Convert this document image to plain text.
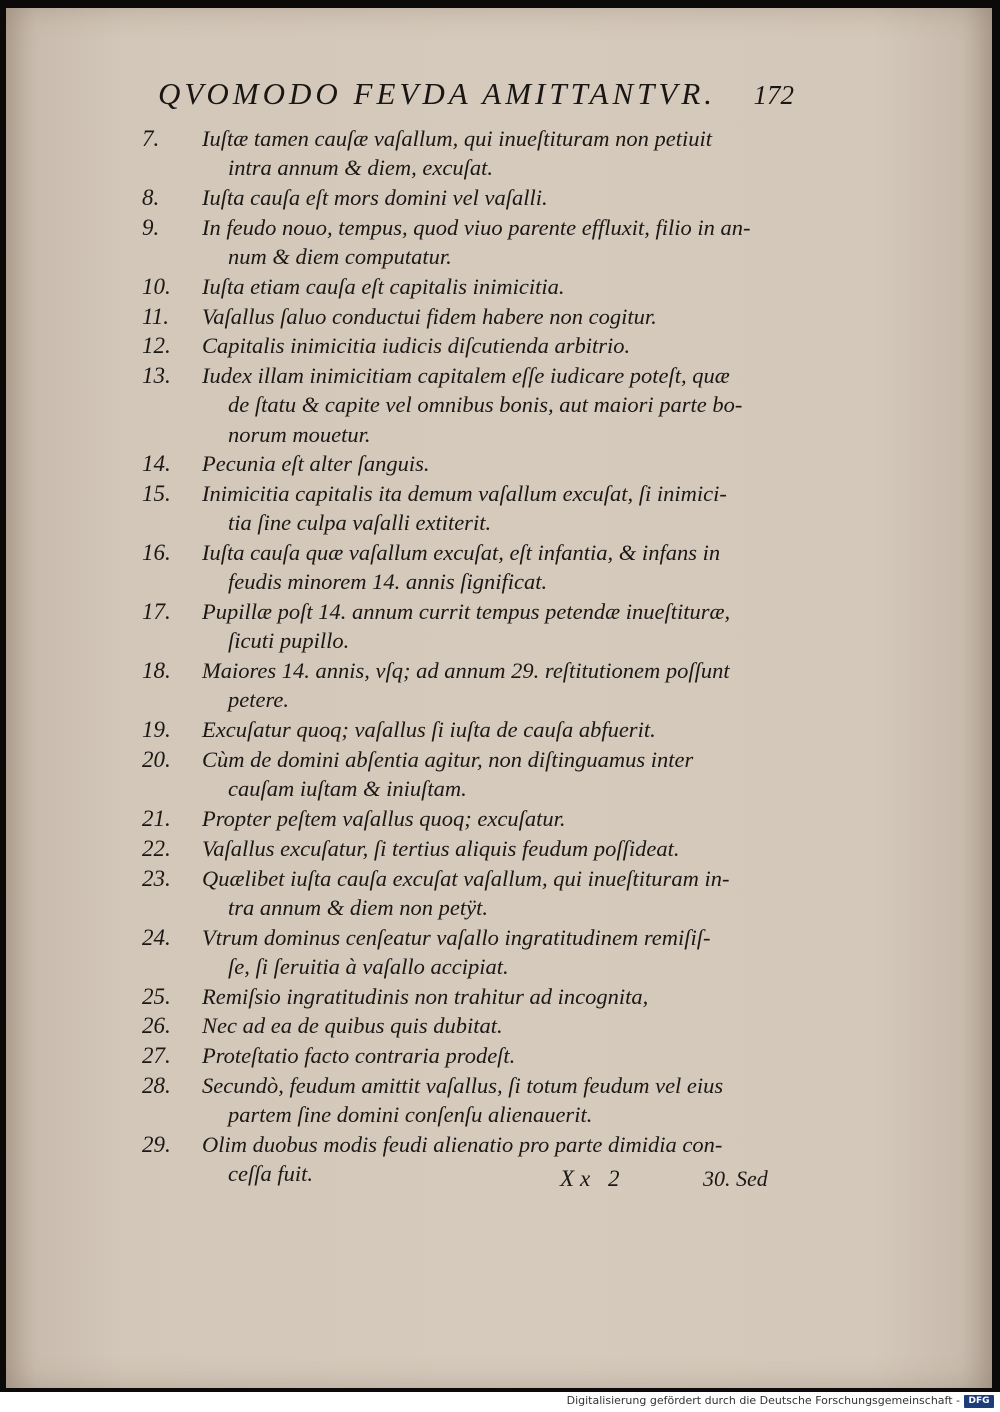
QVOMODO FEVDA AMITTANTVR. 172
7.	Iuſtæ tamen cauſæ vaſallum, qui inueſtituram non petiuit
intra annum & diem, excuſat.
8.	Iuſta cauſa eſt mors domini vel vaſalli.
9.	In feudo nouo, tempus, quod viuo parente effluxit, filio in an-
num & diem computatur.
10.	Iuſta etiam cauſa eſt capitalis inimicitia.
11.	Vaſallus ſaluo conductui fidem habere non cogitur.
12.	Capitalis inimicitia iudicis diſcutienda arbitrio.
13.	Iudex illam inimicitiam capitalem eſſe iudicare poteſt, quæ
de ſtatu & capite vel omnibus bonis, aut maiori parte bo-
norum mouetur.
14.	Pecunia eſt alter ſanguis.
15.	Inimicitia capitalis ita demum vaſallum excuſat, ſi inimici-
tia ſine culpa vaſalli extiterit.
16.	Iuſta cauſa quæ vaſallum excuſat, eſt infantia, & infans in
feudis minorem 14. annis ſignificat.
17.	Pupillæ poſt 14. annum currit tempus petendæ inueſtituræ,
ſicuti pupillo.
18.	Maiores 14. annis, vſq; ad annum 29. reſtitutionem poſſunt
petere.
19.	Excuſatur quoq; vaſallus ſi iuſta de cauſa abfuerit.
20.	Cùm de domini abſentia agitur, non diſtinguamus inter
cauſam iuſtam & iniuſtam.
21.	Propter peſtem vaſallus quoq; excuſatur.
22.	Vaſallus excuſatur, ſi tertius aliquis feudum poſſideat.
23.	Quælibet iuſta cauſa excuſat vaſallum, qui inueſtituram in-
tra annum & diem non petÿt.
24.	Vtrum dominus cenſeatur vaſallo ingratitudinem remiſiſ-
ſe, ſi ſeruitia à vaſallo accipiat.
25.	Remiſsio ingratitudinis non trahitur ad incognita,
26.	Nec ad ea de quibus quis dubitat.
27.	Proteſtatio facto contraria prodeſt.
28.	Secundò, feudum amittit vaſallus, ſi totum feudum vel eius
partem ſine domini conſenſu alienauerit.
29.	Olim duobus modis feudi alienatio pro parte dimidia con-
ceſſa fuit.	Xx 2	30. Sed
Digitalisierung gefördert durch die Deutsche Forschungsgemeinschaft - DFG
